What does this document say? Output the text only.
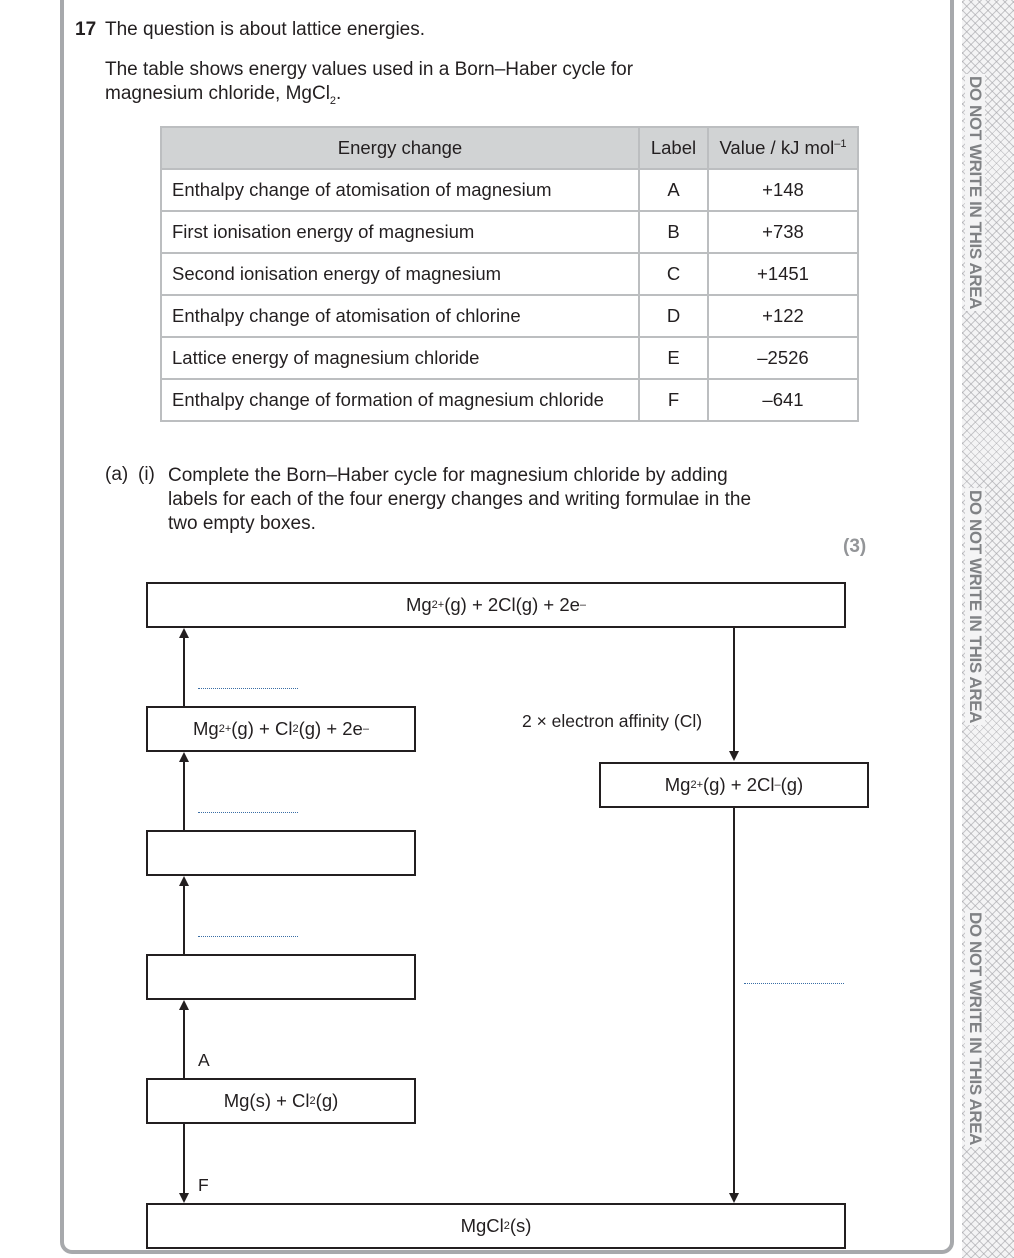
DO NOT WRITE IN THIS AREA
DO NOT WRITE IN THIS AREA
DO NOT WRITE IN THIS AREA
17 The question is about lattice energies.
The table shows energy values used in a Born–Haber cycle for
magnesium chloride, MgCl$_2$.
Energy change	Label	Value / kJ mol$^{-1}$
Enthalpy change of atomisation of magnesium	A	+148
First ionisation energy of magnesium	B	+738
Second ionisation energy of magnesium	C	+1451
Enthalpy change of atomisation of chlorine	D	+122
Lattice energy of magnesium chloride	E	–2526
Enthalpy change of formation of magnesium chloride	F	–641
(a) (i) Complete the Born–Haber cycle for magnesium chloride by adding
labels for each of the four energy changes and writing formulae in the
two empty boxes.
(3)
Mg 2+ (g) + 2Cl(g) + 2e –
Mg 2+ (g) + Cl 2 (g) + 2e –
A
Mg(s) + Cl 2 (g)
F
2 × electron affinity (Cl)
Mg 2+ (g) + 2Cl – (g)
MgCl 2 (s)
